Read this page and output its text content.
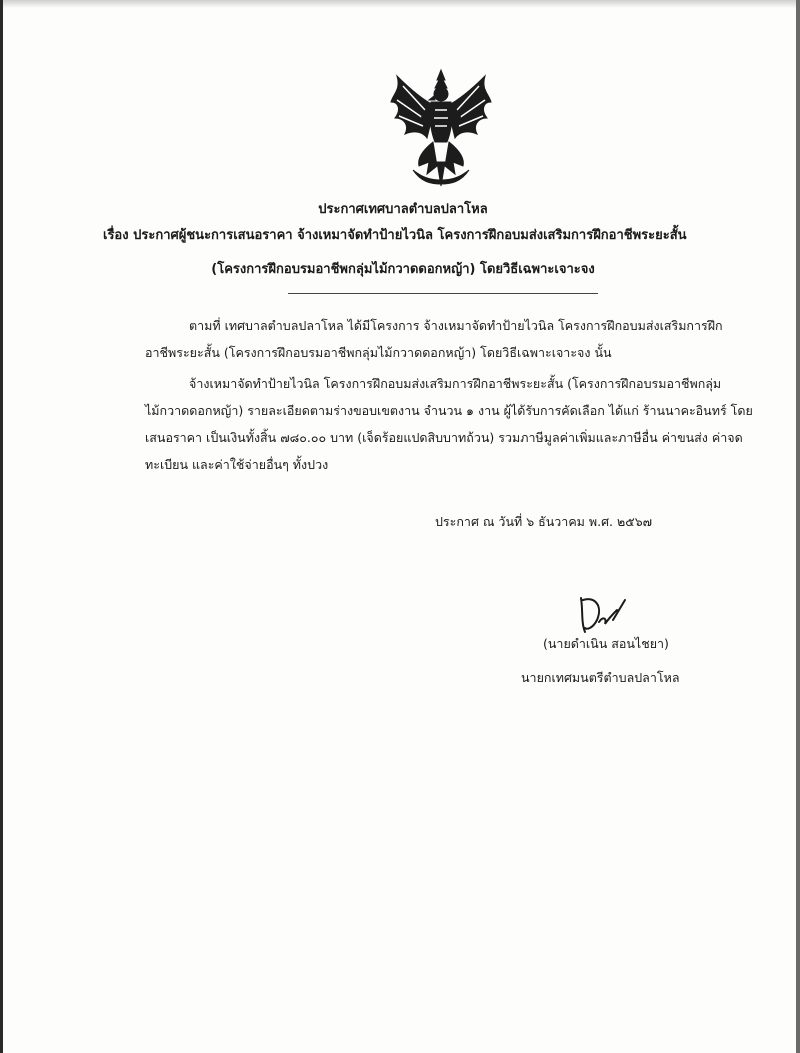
ประกาศเทศบาลตำบลปลาโหล

เรื่อง ประกาศผู้ชนะการเสนอราคา จ้างเหมาจัดทำป้ายไวนิล โครงการฝึกอบมส่งเสริมการฝึกอาชีพระยะสั้น

(โครงการฝึกอบรมอาชีพกลุ่มไม้กวาดดอกหญ้า) โดยวิธีเฉพาะเจาะจง

ตามที่ เทศบาลตำบลปลาโหล ได้มีโครงการ จ้างเหมาจัดทำป้ายไวนิล โครงการฝึกอบมส่งเสริมการฝึก

อาชีพระยะสั้น (โครงการฝึกอบรมอาชีพกลุ่มไม้กวาดดอกหญ้า) โดยวิธีเฉพาะเจาะจง นั้น

จ้างเหมาจัดทำป้ายไวนิล โครงการฝึกอบมส่งเสริมการฝึกอาชีพระยะสั้น (โครงการฝึกอบรมอาชีพกลุ่ม

ไม้กวาดดอกหญ้า) รายละเอียดตามร่างขอบเขตงาน จำนวน ๑ งาน ผู้ได้รับการคัดเลือก ได้แก่ ร้านนาคะอินทร์ โดย

เสนอราคา เป็นเงินทั้งสิ้น ๗๘๐.๐๐ บาท (เจ็ดร้อยแปดสิบบาทถ้วน) รวมภาษีมูลค่าเพิ่มและภาษีอื่น ค่าขนส่ง ค่าจด

ทะเบียน และค่าใช้จ่ายอื่นๆ ทั้งปวง

ประกาศ ณ วันที่ ๖ ธันวาคม พ.ศ. ๒๕๖๗

(นายดำเนิน สอนไชยา)

นายกเทศมนตรีตำบลปลาโหล
